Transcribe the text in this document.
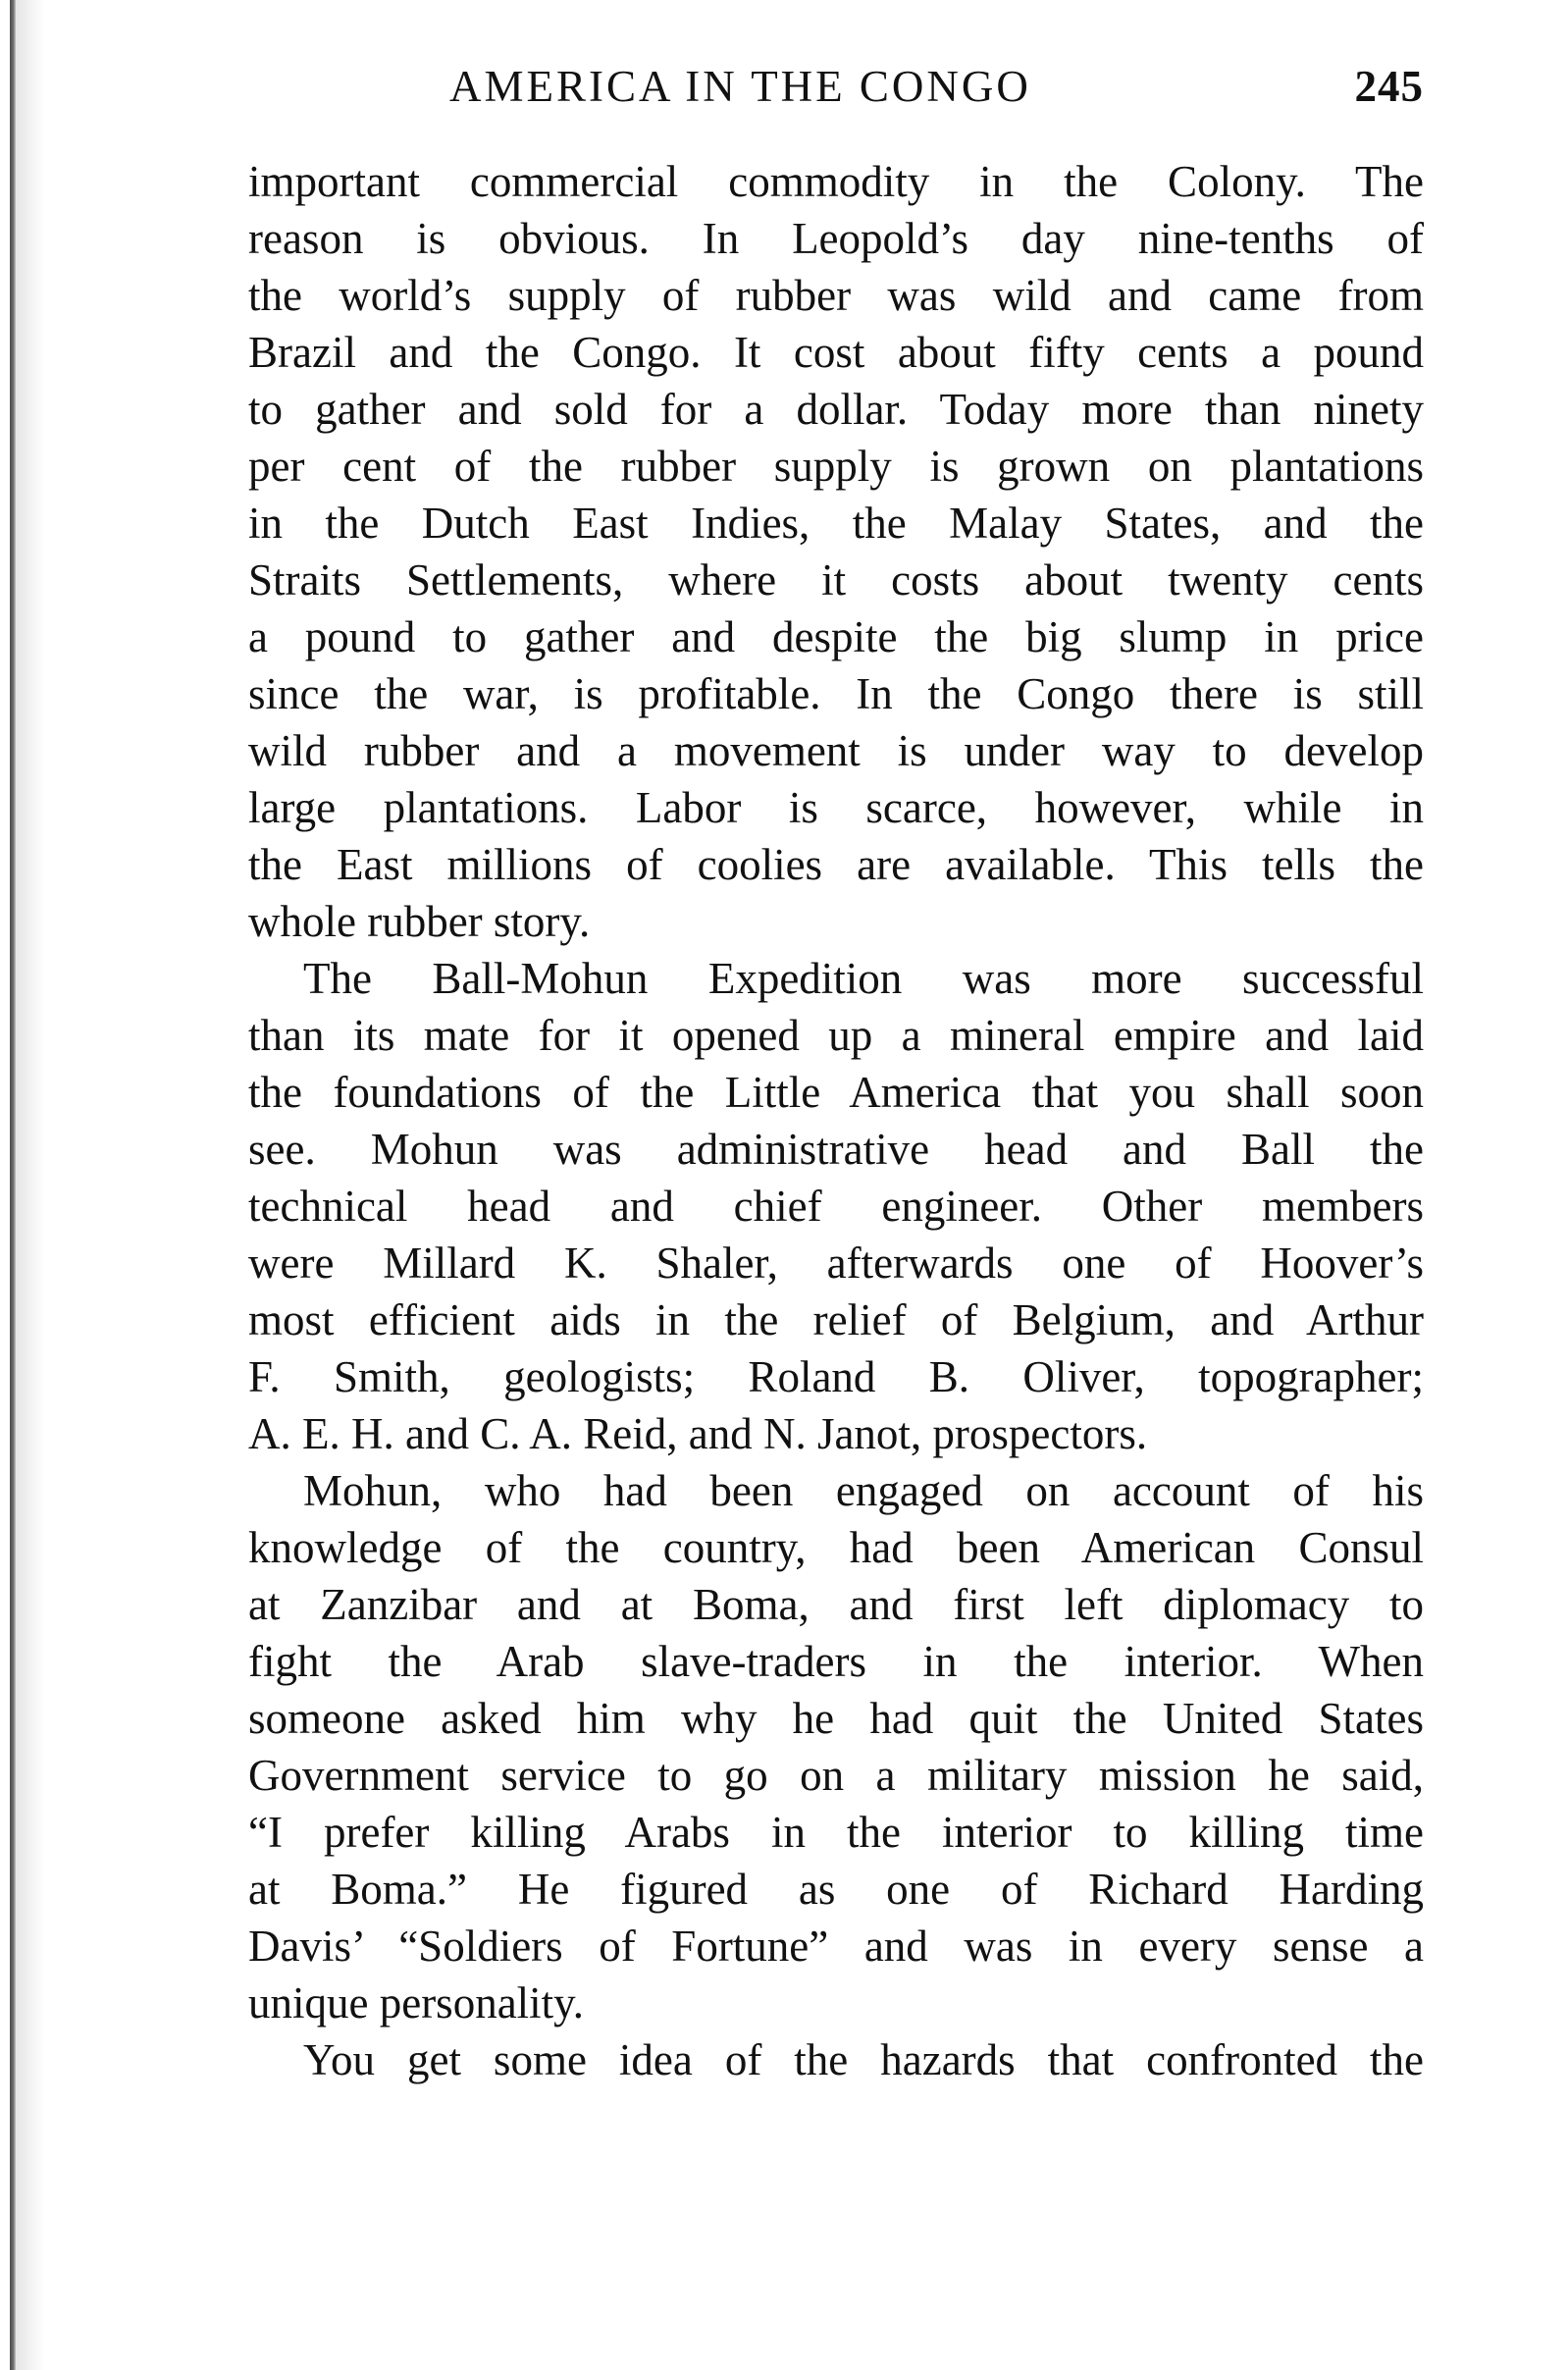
AMERICA IN THE CONGO	245
important commercial commodity in the Colony. The
reason is obvious. In Leopold’s day nine-tenths of
the world’s supply of rubber was wild and came from
Brazil and the Congo. It cost about fifty cents a pound
to gather and sold for a dollar. Today more than ninety
per cent of the rubber supply is grown on plantations
in the Dutch East Indies, the Malay States, and the
Straits Settlements, where it costs about twenty cents
a pound to gather and despite the big slump in price
since the war, is profitable. In the Congo there is still
wild rubber and a movement is under way to develop
large plantations. Labor is scarce, however, while in
the East millions of coolies are available. This tells the
whole rubber story.
The Ball-Mohun Expedition was more successful
than its mate for it opened up a mineral empire and laid
the foundations of the Little America that you shall soon
see. Mohun was administrative head and Ball the
technical head and chief engineer. Other members
were Millard K. Shaler, afterwards one of Hoover’s
most efficient aids in the relief of Belgium, and Arthur
F. Smith, geologists; Roland B. Oliver, topographer;
A. E. H. and C. A. Reid, and N. Janot, prospectors.
Mohun, who had been engaged on account of his
knowledge of the country, had been American Consul
at Zanzibar and at Boma, and first left diplomacy to
fight the Arab slave-traders in the interior. When
someone asked him why he had quit the United States
Government service to go on a military mission he said,
“I prefer killing Arabs in the interior to killing time
at Boma.” He figured as one of Richard Harding
Davis’ “Soldiers of Fortune” and was in every sense a
unique personality.
You get some idea of the hazards that confronted the
